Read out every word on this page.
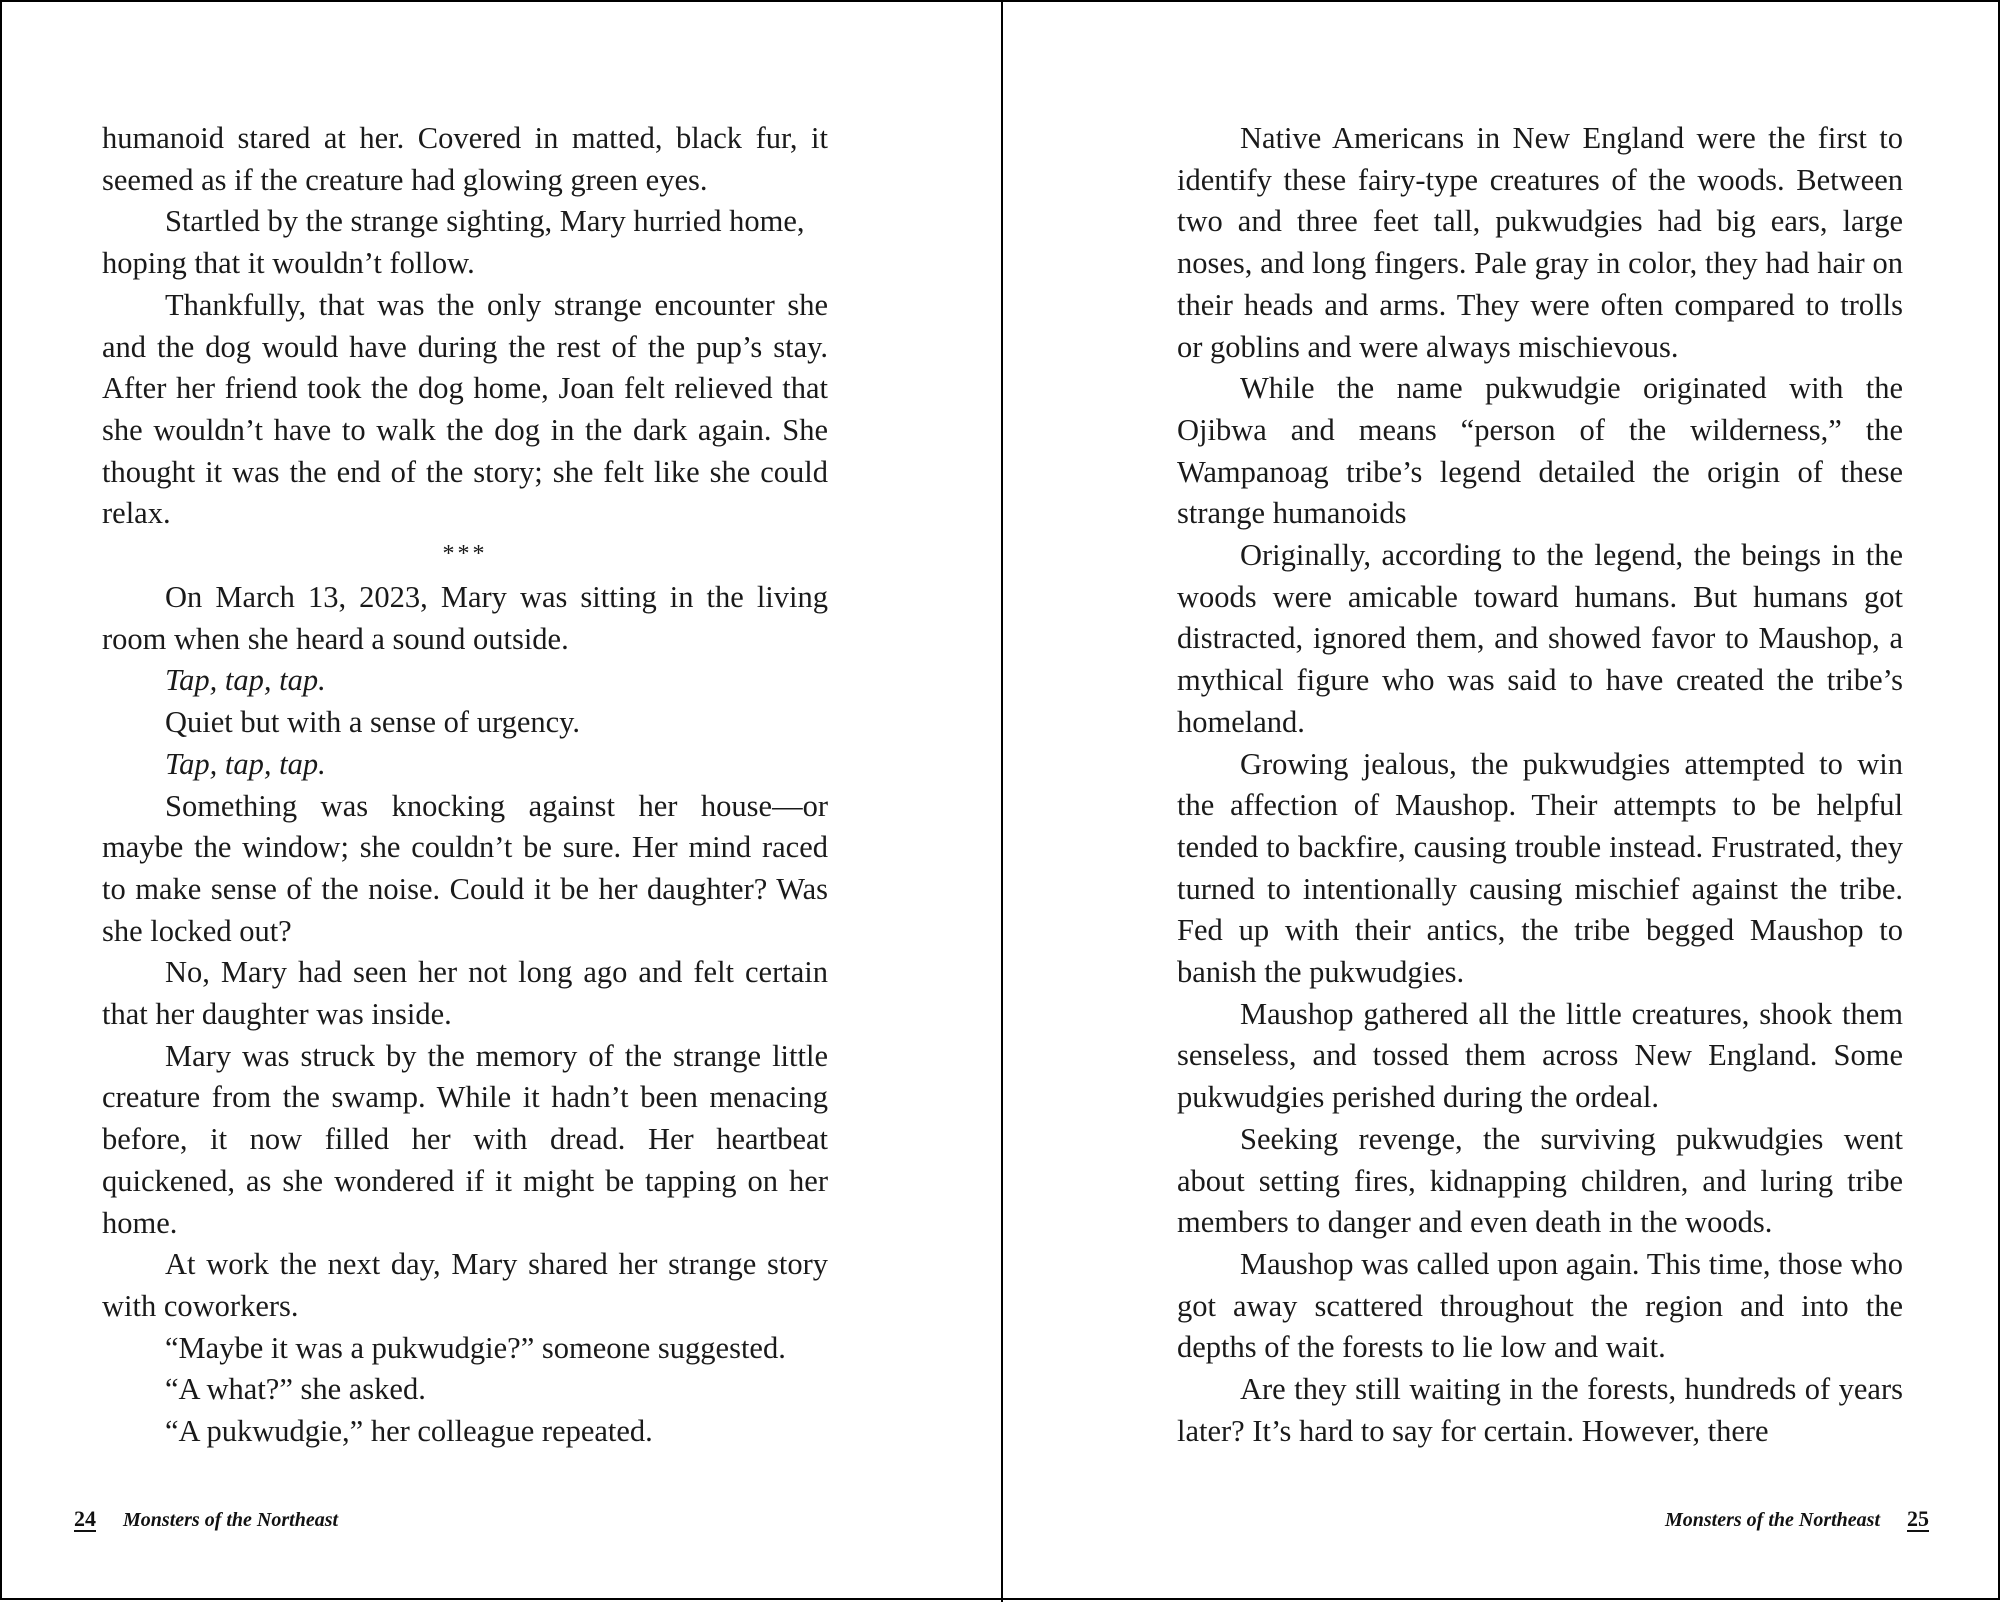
humanoid stared at her. Covered in matted, black fur, it seemed as if the creature had glowing green eyes.

Startled by the strange sighting, Mary hurried home, hoping that it wouldn’t follow.

Thankfully, that was the only strange encounter she and the dog would have during the rest of the pup’s stay. After her friend took the dog home, Joan felt relieved that she wouldn’t have to walk the dog in the dark again. She thought it was the end of the story; she felt like she could relax.

***

On March 13, 2023, Mary was sitting in the living room when she heard a sound outside.

Tap, tap, tap.

Quiet but with a sense of urgency.

Tap, tap, tap.

Something was knocking against her house—or maybe the window; she couldn’t be sure. Her mind raced to make sense of the noise. Could it be her daughter? Was she locked out?

No, Mary had seen her not long ago and felt certain that her daughter was inside.

Mary was struck by the memory of the strange little creature from the swamp. While it hadn’t been menacing before, it now filled her with dread. Her heartbeat quickened, as she wondered if it might be tapping on her home.

At work the next day, Mary shared her strange story with coworkers.

“Maybe it was a pukwudgie?” someone suggested.

“A what?” she asked.

“A pukwudgie,” her colleague repeated.

24 Monsters of the Northeast

Native Americans in New England were the first to identify these fairy-type creatures of the woods. Between two and three feet tall, pukwudgies had big ears, large noses, and long fingers. Pale gray in color, they had hair on their heads and arms. They were often compared to trolls or goblins and were always mischievous.

While the name pukwudgie originated with the Ojibwa and means “person of the wilderness,” the Wampanoag tribe’s legend detailed the origin of these strange humanoids

Originally, according to the legend, the beings in the woods were amicable toward humans. But humans got distracted, ignored them, and showed favor to Maushop, a mythical figure who was said to have created the tribe’s homeland.

Growing jealous, the pukwudgies attempted to win the affection of Maushop. Their attempts to be helpful tended to backfire, causing trouble instead. Frustrated, they turned to intentionally causing mischief against the tribe. Fed up with their antics, the tribe begged Maushop to banish the pukwudgies.

Maushop gathered all the little creatures, shook them senseless, and tossed them across New England. Some pukwudgies perished during the ordeal.

Seeking revenge, the surviving pukwudgies went about setting fires, kidnapping children, and luring tribe members to danger and even death in the woods.

Maushop was called upon again. This time, those who got away scattered throughout the region and into the depths of the forests to lie low and wait.

Are they still waiting in the forests, hundreds of years later? It’s hard to say for certain. However, there

Monsters of the Northeast 25
